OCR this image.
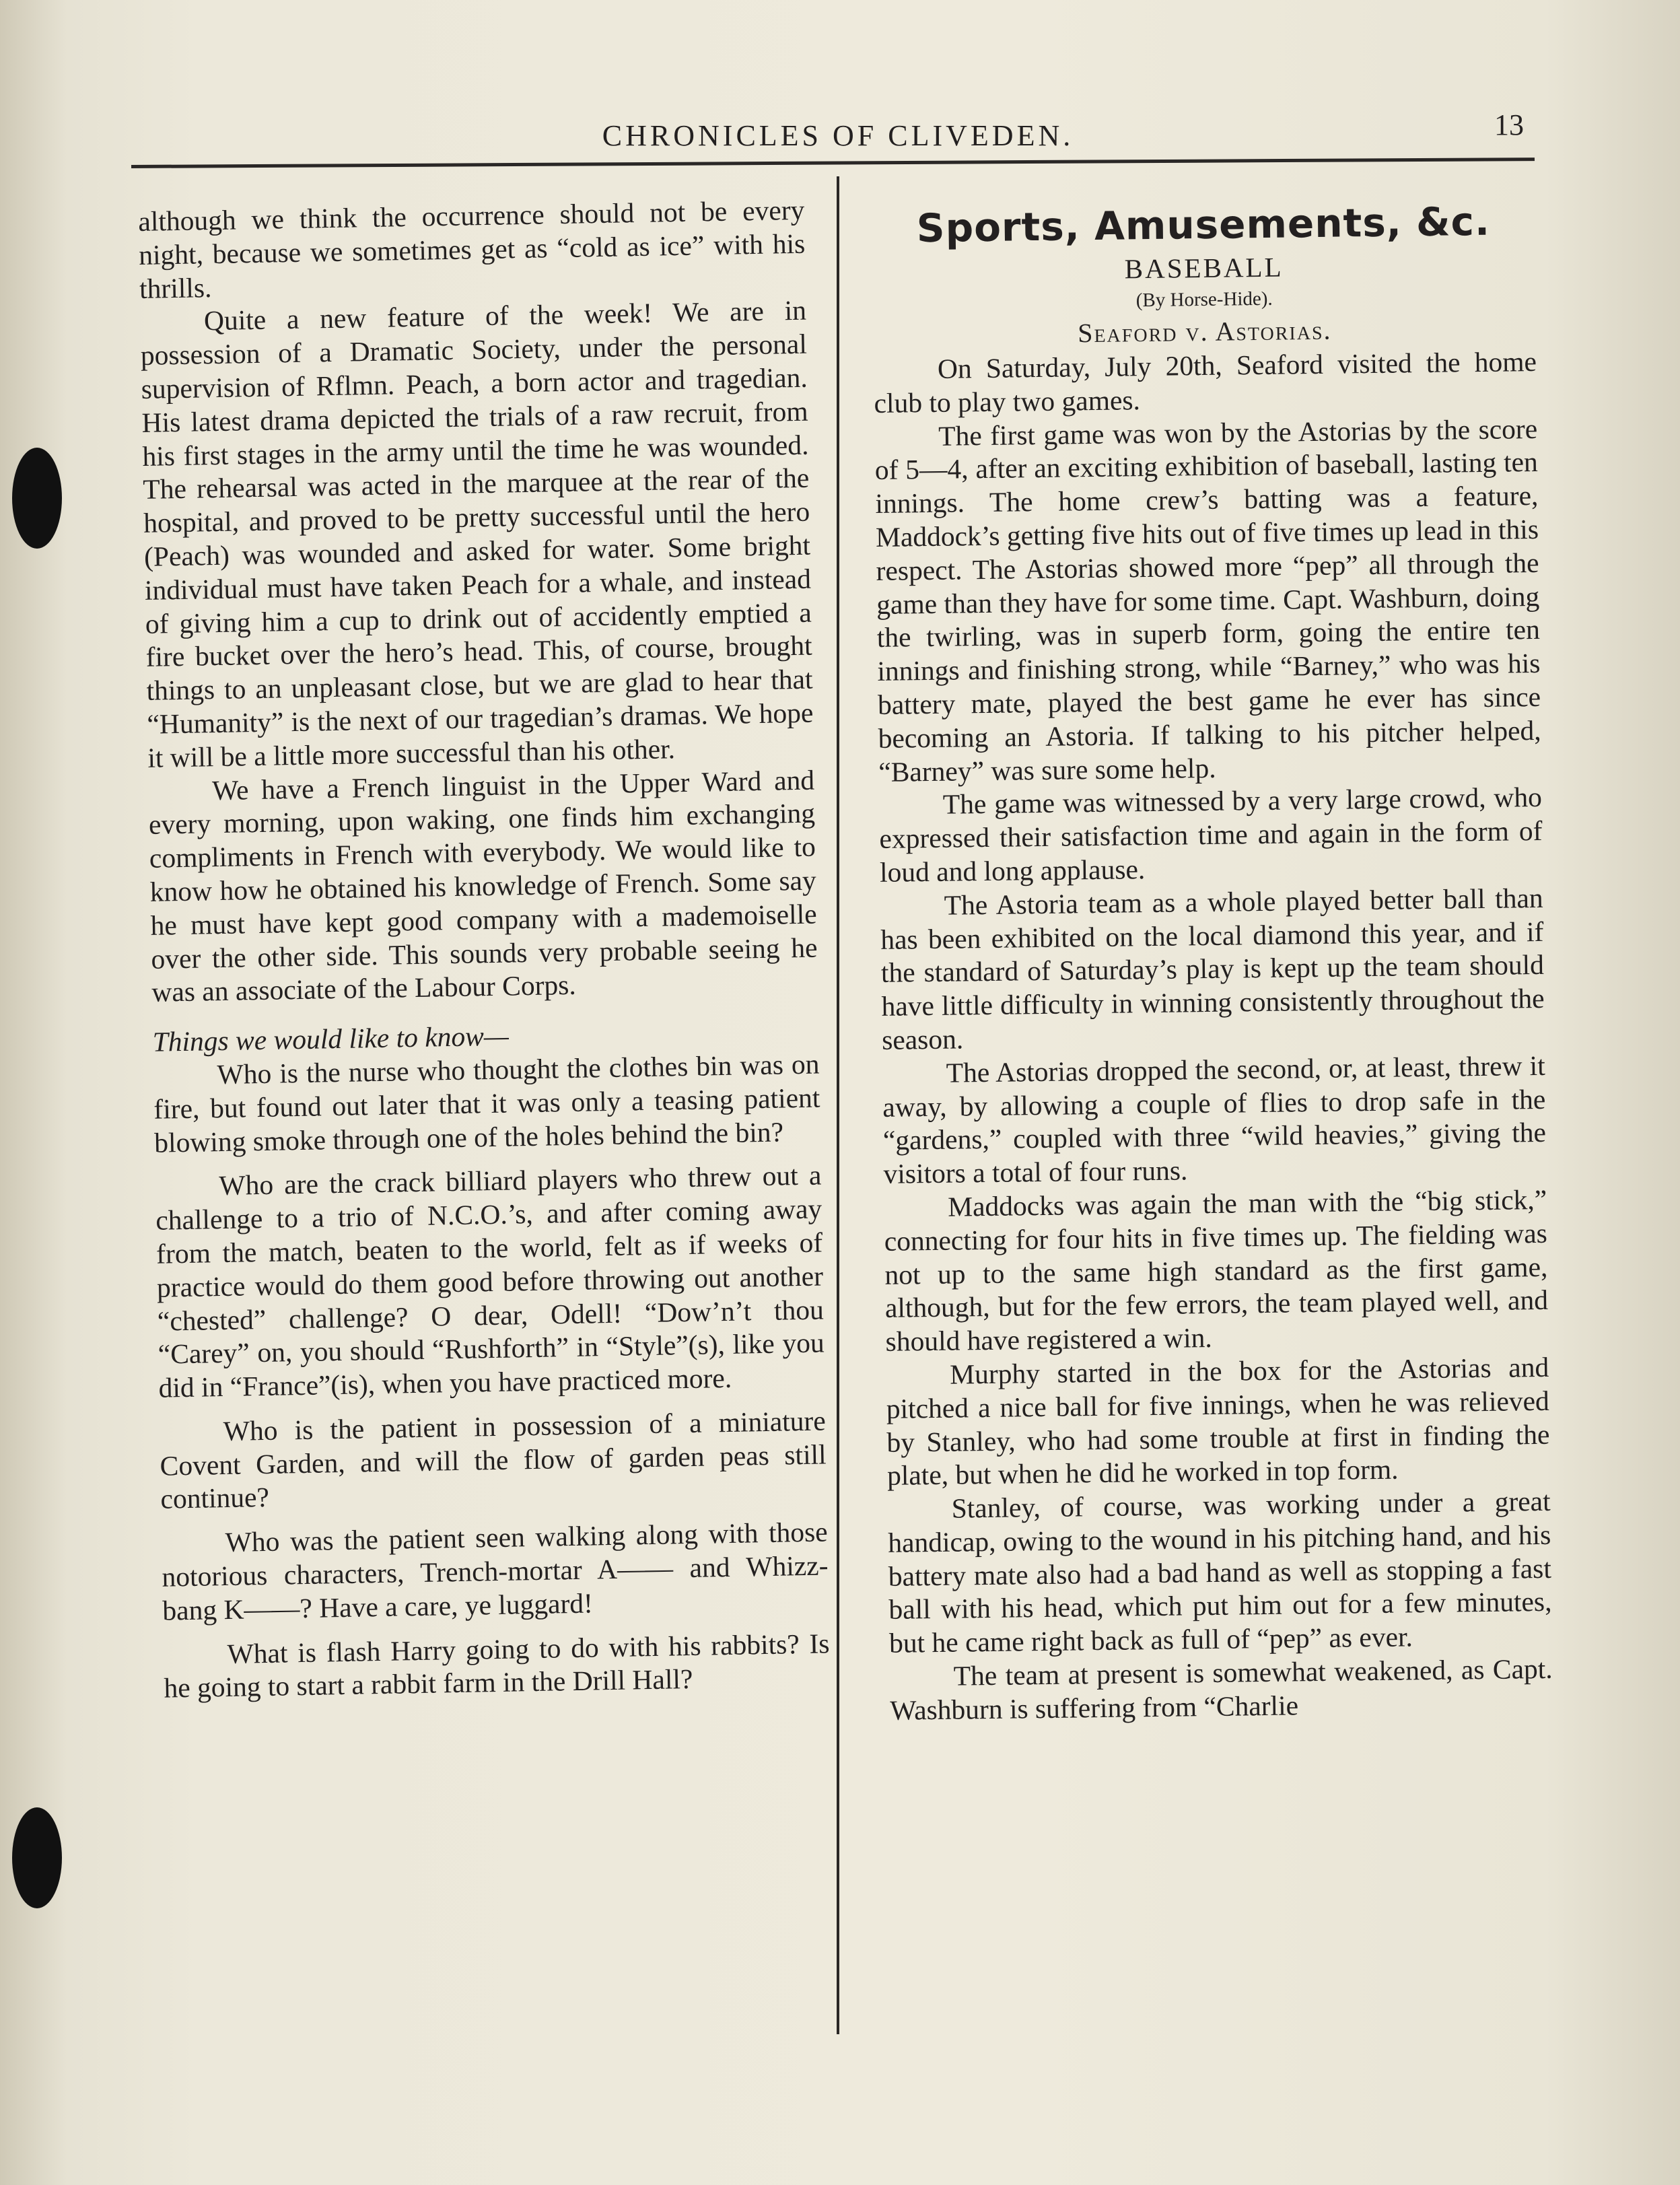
CHRONICLES OF CLIVEDEN.	13

although we think the occurrence should not be every night, because we sometimes get as “cold as ice” with his thrills.

Quite a new feature of the week! We are in possession of a Dramatic Society, under the personal supervision of Rflmn. Peach, a born actor and tragedian. His latest drama depicted the trials of a raw recruit, from his first stages in the army until the time he was wounded. The rehearsal was acted in the marquee at the rear of the hospital, and proved to be pretty successful until the hero (Peach) was wounded and asked for water. Some bright individual must have taken Peach for a whale, and instead of giving him a cup to drink out of accidently emptied a fire bucket over the hero’s head. This, of course, brought things to an unpleasant close, but we are glad to hear that “Humanity” is the next of our tragedian’s dramas. We hope it will be a little more successful than his other.

We have a French linguist in the Upper Ward and every morning, upon waking, one finds him exchanging compliments in French with everybody. We would like to know how he obtained his knowledge of French. Some say he must have kept good company with a mademoiselle over the other side. This sounds very probable seeing he was an associate of the Labour Corps.

Things we would like to know—

Who is the nurse who thought the clothes bin was on fire, but found out later that it was only a teasing patient blowing smoke through one of the holes behind the bin?

Who are the crack billiard players who threw out a challenge to a trio of N.C.O.’s, and after coming away from the match, beaten to the world, felt as if weeks of practice would do them good before throwing out another “chested” challenge? O dear, Odell! “Dow’n’t thou “Carey” on, you should “Rushforth” in “Style”(s), like you did in “France”(is), when you have practiced more.

Who is the patient in possession of a miniature Covent Garden, and will the flow of garden peas still continue?

Who was the patient seen walking along with those notorious characters, Trench-mortar A—— and Whizz-bang K——? Have a care, ye luggard!

What is flash Harry going to do with his rabbits? Is he going to start a rabbit farm in the Drill Hall?

Sports, Amusements, &c.
BASEBALL
(By Horse-Hide).
Seaford v. Astorias.

On Saturday, July 20th, Seaford visited the home club to play two games.

The first game was won by the Astorias by the score of 5—4, after an exciting exhibition of baseball, lasting ten innings. The home crew’s batting was a feature, Maddock’s getting five hits out of five times up lead in this respect. The Astorias showed more “pep” all through the game than they have for some time. Capt. Washburn, doing the twirling, was in superb form, going the entire ten innings and finishing strong, while “Barney,” who was his battery mate, played the best game he ever has since becoming an Astoria. If talking to his pitcher helped, “Barney” was sure some help.

The game was witnessed by a very large crowd, who expressed their satisfaction time and again in the form of loud and long applause.

The Astoria team as a whole played better ball than has been exhibited on the local diamond this year, and if the standard of Saturday’s play is kept up the team should have little difficulty in winning consistently throughout the season.

The Astorias dropped the second, or, at least, threw it away, by allowing a couple of flies to drop safe in the “gardens,” coupled with three “wild heavies,” giving the visitors a total of four runs.

Maddocks was again the man with the “big stick,” connecting for four hits in five times up. The fielding was not up to the same high standard as the first game, although, but for the few errors, the team played well, and should have registered a win.

Murphy started in the box for the Astorias and pitched a nice ball for five innings, when he was relieved by Stanley, who had some trouble at first in finding the plate, but when he did he worked in top form.

Stanley, of course, was working under a great handicap, owing to the wound in his pitching hand, and his battery mate also had a bad hand as well as stopping a fast ball with his head, which put him out for a few minutes, but he came right back as full of “pep” as ever.

The team at present is somewhat weakened, as Capt. Washburn is suffering from “Charlie
